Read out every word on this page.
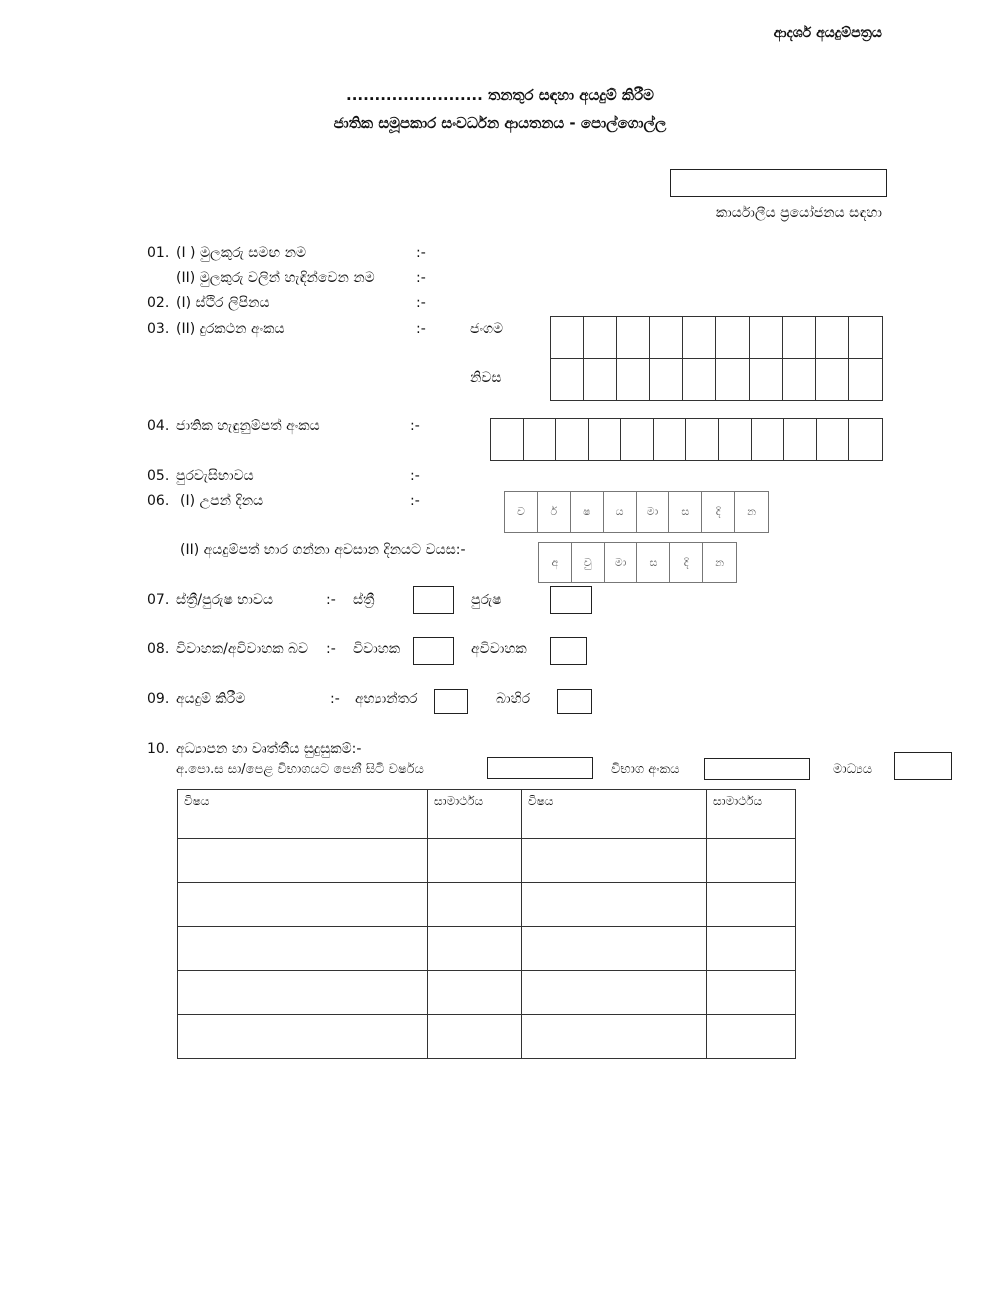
ආදර්ශ අයදුම්පත්‍රය
........................ තනතුර සඳහා අයදුම් කිරීම
ජාතික සමූපකාර සංවර්ධන ආයතනය - පොල්ගොල්ල
කාර්යාලීය ප්‍රයෝජනය සඳහා
01. (I ) මුලකුරු සමඟ නම	:-
(II) මුලකුරු වලින් හැඳින්වෙන නම	:-
02. (I) ස්ථිර ලිපිනය	:-
03. (II) දුරකථන අංකය	:-	ජංගම
නිවස
04. ජාතික හැඳුනුම්පත් අංකය	:-
05. පුරවැසිභාවය	:-
06. (I) උපන් දිනය	:-
ව	ර්	ෂ	ය	මා	ස	දි	න
(II) අයදුම්පත් භාර ගන්නා අවසාන දිනයට වයස:-
අ	වු	මා	ස	දි	න
07. ස්ත්‍රී/පුරුෂ භාවය	:- ස්ත්‍රී	පුරුෂ
08. විවාහක/අවිවාහක බව :- විවාහක	අවිවාහක
09. අයදුම් කිරීම	:- අභ්‍යාන්තර	බාහිර
10. අධ්‍යාපන හා වෘත්තීය සුදුසුකම්:-
අ.පො.ස සා/පෙළ විභාගයට පෙනී සිටි වර්ෂය	විභාග අංකය	මාධ්‍යය
විෂය	සාමාර්ථය	විෂය	සාමාර්ථය
